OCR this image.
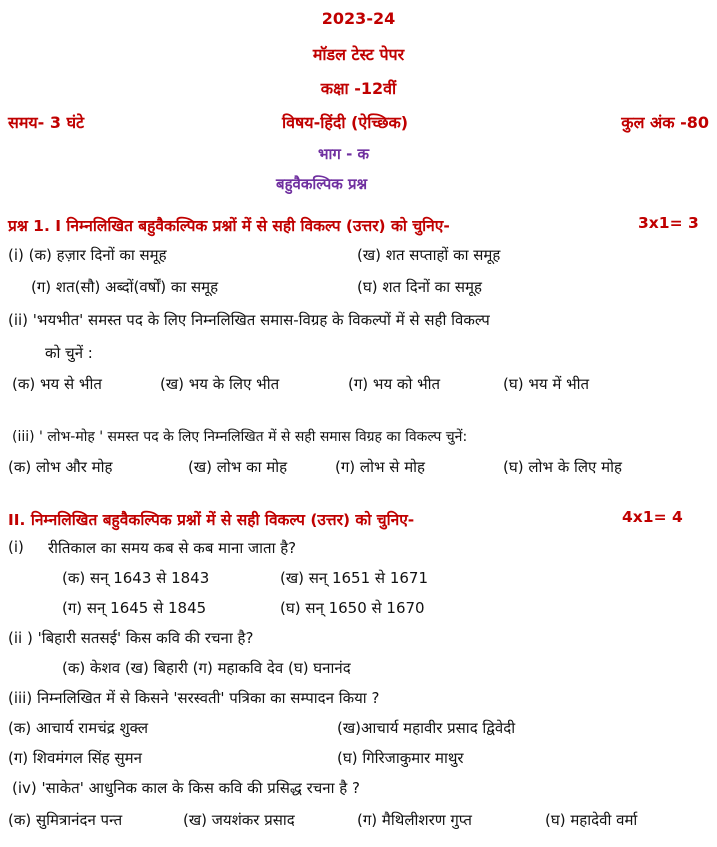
2023-24
मॉडल टेस्ट पेपर
कक्षा -12वीं
समय- 3 घंटे	विषय-हिंदी (ऐच्छिक)	कुल अंक -80
भाग - क
बहुवैकल्पिक प्रश्न
प्रश्न 1. I निम्नलिखित बहुवैकल्पिक प्रश्नों में से सही विकल्प (उत्तर) को चुनिए-	3x1= 3
(i) (क) हज़ार दिनों का समूह	(ख) शत सप्ताहों का समूह
(ग) शत(सौ) अब्दों(वर्षों) का समूह	(घ) शत दिनों का समूह
(ii) 'भयभीत' समस्त पद के लिए निम्नलिखित समास-विग्रह के विकल्पों में से सही विकल्प
को चुनें :
(क) भय से भीत	(ख) भय के लिए भीत	(ग) भय को भीत	(घ) भय में भीत
(iii) ' लोभ-मोह ' समस्त पद के लिए निम्नलिखित में से सही समास विग्रह का विकल्प चुनें:
(क) लोभ और मोह	(ख) लोभ का मोह	(ग) लोभ से मोह	(घ) लोभ के लिए मोह
II. निम्नलिखित बहुवैकल्पिक प्रश्नों में से सही विकल्प (उत्तर) को चुनिए-	4x1= 4
(i) रीतिकाल का समय कब से कब माना जाता है?
(क) सन् 1643 से 1843	(ख) सन् 1651 से 1671
(ग) सन् 1645 से 1845	(घ) सन् 1650 से 1670
(ii ) 'बिहारी सतसई' किस कवि की रचना है?
(क) केशव (ख) बिहारी (ग) महाकवि देव (घ) घनानंद
(iii) निम्नलिखित में से किसने 'सरस्वती' पत्रिका का सम्पादन किया ?
(क) आचार्य रामचंद्र शुक्ल	(ख)आचार्य महावीर प्रसाद द्विवेदी
(ग) शिवमंगल सिंह सुमन	(घ) गिरिजाकुमार माथुर
(iv) 'साकेत' आधुनिक काल के किस कवि की प्रसिद्ध रचना है ?
(क) सुमित्रानंदन पन्त	(ख) जयशंकर प्रसाद	(ग) मैथिलीशरण गुप्त	(घ) महादेवी वर्मा
